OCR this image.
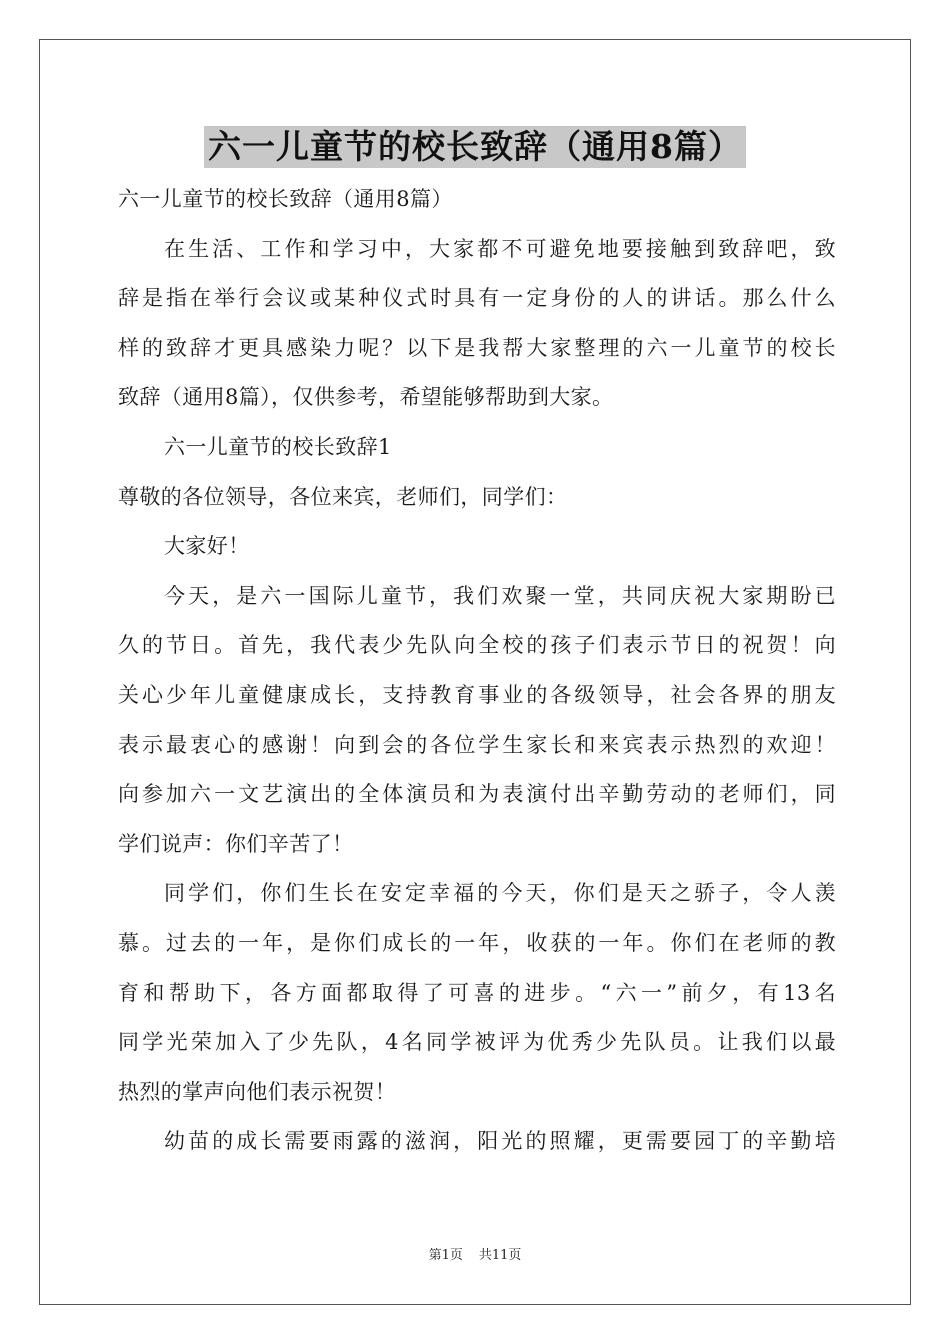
六一儿童节的校长致辞（通用8篇）
六一儿童节的校长致辞（通用8篇）
在生活、工作和学习中，大家都不可避免地要接触到致辞吧，致
辞是指在举行会议或某种仪式时具有一定身份的人的讲话。那么什么
样的致辞才更具感染力呢？以下是我帮大家整理的六一儿童节的校长
致辞（通用8篇），仅供参考，希望能够帮助到大家。
六一儿童节的校长致辞1
尊敬的各位领导，各位来宾，老师们，同学们：
大家好！
今天，是六一国际儿童节，我们欢聚一堂，共同庆祝大家期盼已
久的节日。首先，我代表少先队向全校的孩子们表示节日的祝贺！向
关心少年儿童健康成长，支持教育事业的各级领导，社会各界的朋友
表示最衷心的感谢！向到会的各位学生家长和来宾表示热烈的欢迎！
向参加六一文艺演出的全体演员和为表演付出辛勤劳动的老师们，同
学们说声：你们辛苦了！
同学们，你们生长在安定幸福的今天，你们是天之骄子，令人羡
慕。过去的一年，是你们成长的一年，收获的一年。你们在老师的教
育和帮助下，各方面都取得了可喜的进步。“六一”前夕，有13名
同学光荣加入了少先队，4名同学被评为优秀少先队员。让我们以最
热烈的掌声向他们表示祝贺！
幼苗的成长需要雨露的滋润，阳光的照耀，更需要园丁的辛勤培
第1页 共11页
